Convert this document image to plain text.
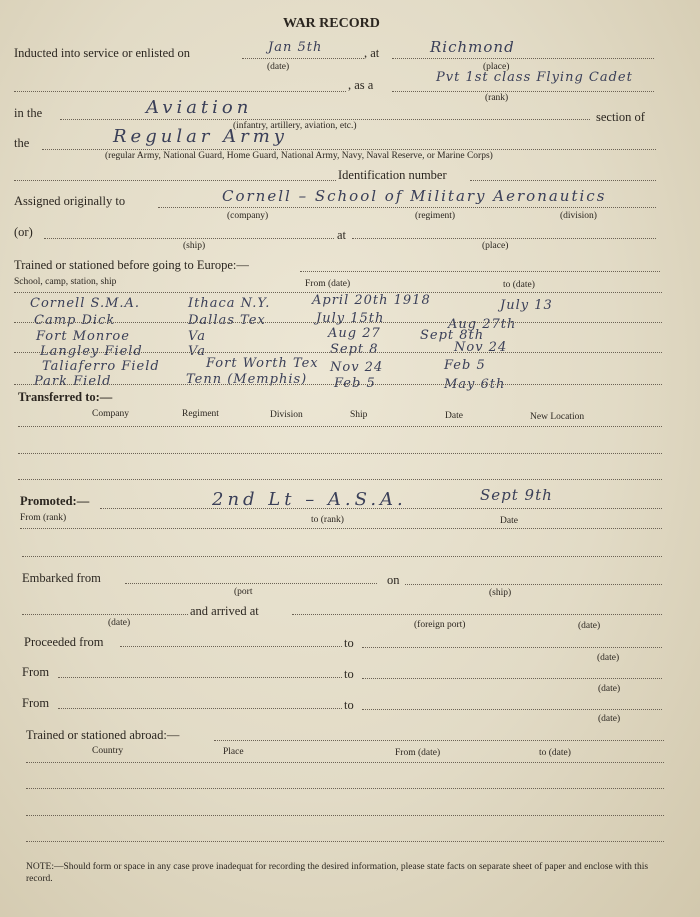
WAR RECORD
Inducted into service or enlisted on	Jan 5th
(date)
, at	Richmond
(place)
, as a	Pvt 1st class Flying Cadet
(rank)
in the	Aviation
(infantry, artillery, aviation, etc.)
section of
the	Regular Army
(regular Army, National Guard, Home Guard, National Army, Navy, Naval Reserve, or Marine Corps)
Identification number
Assigned originally to	Cornell – School of Military Aeronautics
(company)	(regiment)	(division)
(or)	at
(ship)	(place)
Trained or stationed before going to Europe:—
School, camp, station, ship	From (date)	to (date)
Cornell S.M.A.	Ithaca N.Y.	April 20th 1918	July 13
Camp Dick	Dallas Tex	July 15th	Aug 27th
Fort Monroe	Va	Aug 27	Sept 8th
Langley Field	Va	Sept 8	Nov 24
Taliaferro Field	Fort Worth Tex Nov 24	Feb 5
Park Field	Tenn (Memphis) Feb 5	May 6th
Transferred to:—
Company	Regiment	Division	Ship	Date	New Location
Promoted:—	2nd Lt – A.S.A.	Sept 9th
From (rank)	to (rank)	Date
Embarked from	on
(port	(ship)
and arrived at
(date)	(foreign port)	(date)
Proceeded from	to
(date)
From	to
(date)
From	to
(date)
Trained or stationed abroad:—
Country	Place	From (date)	to (date)
NOTE:—Should form or space in any case prove inadequat for recording the desired information, please state facts on separate sheet of paper and enclose with this record.
